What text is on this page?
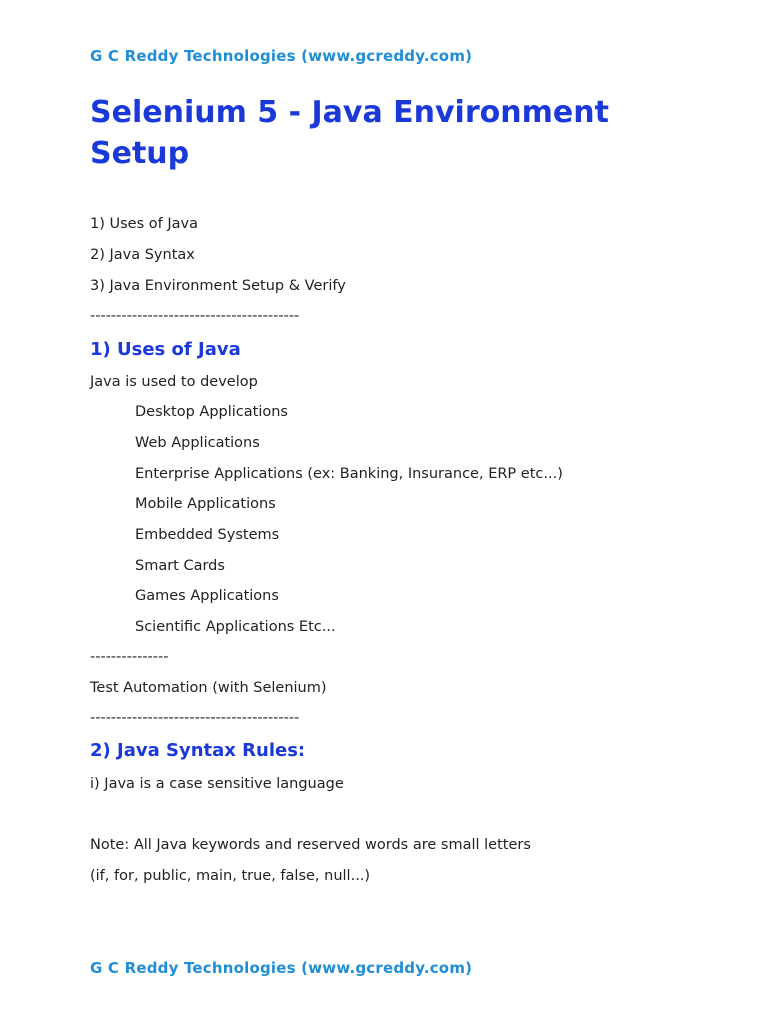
G C Reddy Technologies (www.gcreddy.com)
Selenium 5 - Java Environment Setup
1) Uses of Java
2) Java Syntax
3) Java Environment Setup & Verify
----------------------------------------
1) Uses of Java
Java is used to develop
Desktop Applications
Web Applications
Enterprise Applications (ex: Banking, Insurance, ERP etc...)
Mobile Applications
Embedded Systems
Smart Cards
Games Applications
Scientific Applications Etc...
---------------
Test Automation (with Selenium)
----------------------------------------
2) Java Syntax Rules:
i) Java is a case sensitive language
Note: All Java keywords and reserved words are small letters
(if, for, public, main, true, false, null...)
G C Reddy Technologies (www.gcreddy.com)
